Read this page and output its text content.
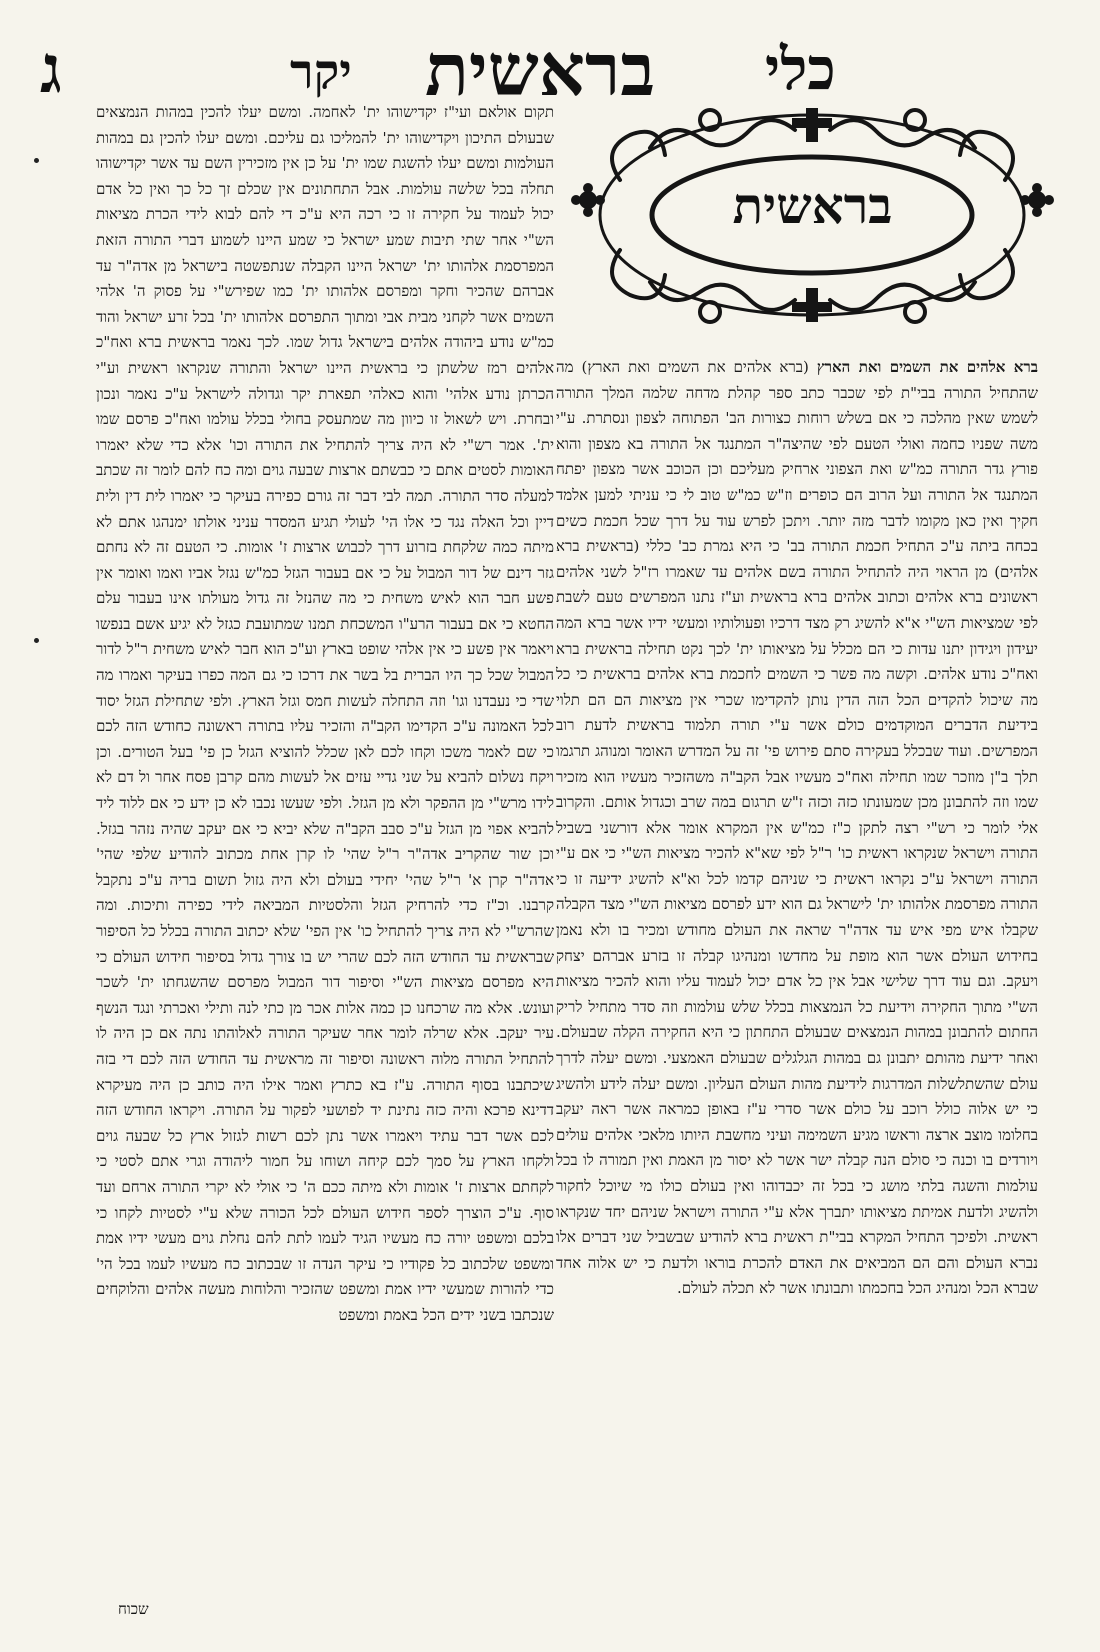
ג	יקר בראשית כלי
בראשית

תקום אולאם ועי"ז יקדישוהו ית' לאחמה. ומשם יעלו להכין במהות הנמצאים שבעולם התיכון ויקדישוהו ית' להמליכו גם עליכם. ומשם יעלו להכין גם במהות העולמות ומשם יעלו להשגת שמו ית' על כן אין מזכירין השם עד אשר יקדישוהו תחלה בכל שלשה עולמות. אבל התחתונים אין שכלם זך כל כך ואין כל אדם יכול לעמוד על חקירה זו כי רכה היא ע"כ די להם לבוא לידי הכרת מציאות הש"י אחר שתי תיבות שמע ישראל כי שמע היינו לשמוע דברי התורה הזאת המפרסמת אלהותו ית' ישראל היינו הקבלה שנתפשטה בישראל מן אדה"ר עד אברהם שהכיר וחקר ומפרסם אלהותו ית' כמו שפירש"י על פסוק ה' אלהי השמים אשר לקחני מבית אבי ומתוך התפרסם אלהותו ית' בכל זרע ישראל והוד כמ"ש נודע ביהודה אלהים בישראל גדול שמו. לכך נאמר בראשית ברא ואח"כ אלהים רמז שלשתן כי בראשית היינו ישראל והתורה שנקראו ראשית וע"י הכרתן נודע אלהי' והוא כאלהי תפארת יקר וגדולה לישראל ע"כ נאמר ונכון ובחרת. ויש לשאול זו כיוון מה שמתעסק בחולי בכלל עולמו ואח"כ פרסם שמו ית'. אמר רש"י לא היה צריך להתחיל את התורה וכו' אלא כדי שלא יאמרו האומות לסטים אתם כי כבשתם ארצות שבעה גוים ומה כח להם לומר זה שכתב למעלה סדר התורה. תמה לבי דבר זה גורם כפירה בעיקר כי יאמרו לית דין ולית דיין וכל האלה נגד כי אלו הי' לעולי תגיע המסדר עניני אולתו ימנהגו אתם לא מיתה כמה שלקחת בזרוע דרך לכבוש ארצות ז' אומות. כי הטעם זה לא נחתם גזר דינם של דור המבול על כי אם בעבור הגזל כמ"ש נגזל אביו ואמו ואומר אין פשע חבר הוא לאיש משחית כי מה שהנזל זה גדול מעולתו אינו בעבור עלם החטא כי אם בעבור הרע"ו המשכחת תמנו שמתועבת כגזל לא יגיע אשם בנפשו ויאמר אין פשע כי אין אלהי שופט בארץ וע"כ הוא חבר לאיש משחית ר"ל לדור המבול שכל כך היו הברית בל בשר את דרכו כי גם המה כפרו בעיקר ואמרו מה שדי כי נעבדנו וגו' וזה התחלה לעשות חמס וגזל הארץ. ולפי שתחילת הגזל יסוד לכל האמונה ע"כ הקדימו הקב"ה והזכיר עליו בתורה ראשונה כחודש הזה לכם כי שם לאמר משכו וקחו לכם לאן שכלל להוציא הגזל כן פי' בעל הטורים. וכן ויקח נשלום להביא על שני גדיי עזים אל לעשות מהם קרבן פסח אחר ול דם לא לידו מרש"י מן ההפקר ולא מן הגזל. ולפי שעשו נכבו לא כן ידע כי אם ללוד ליד להביא אפוי מן הגזל ע"כ סבב הקב"ה שלא יביא כי אם יעקב שהיה נזהר בגזל. וכן שור שהקריב אדה"ר ר"ל שהי' לו קרן אחת מכתוב להודיע שלפי שהי' אדה"ר קרן א' ר"ל שהי' יחידי בעולם ולא היה גזול תשום בריה ע"כ נתקבל קרבנו. וכ"ז כדי להרחיק הגזל והלסטיות המביאה לידי כפירה ותיכות. ומה שהרש"י לא היה צריך להתחיל כו' אין הפי' שלא יכתוב התורה בכלל כל הסיפור שבראשית עד החודש הזה לכם שהרי יש בו צורך גדול בסיפור חידוש העולם כי היא מפרסם מציאות הש"י וסיפור דור המבול מפרסם שהשגחתו ית' לשכר ועונש. אלא מה שרכחנו כן כמה אלות אכר מן כתי לנה ותילי ואכרתי ונגד הנשף עיר יעקב. אלא שרלה לומר אחר שעיקר התורה לאלוהתו נתה אם כן היה לו להתחיל התורה מלוה ראשונה וסיפור זה מראשית עד החודש הזה לכם די בזה שיכתבנו בסוף התורה. ע"ז בא כתרץ ואמר אילו היה כותב כן היה מעיקרא דדינא פרכא והיה כזה נתינת יד לפושעי לפקור על התורה. ויקראו החודש הזה לכם אשר דבר עתיד ויאמרו אשר נתן לכם רשות לגזול ארץ כל שבעה גוים ולקחו הארץ על סמך לכם קיחה ושוחו על חמור ליהודה וגרי אתם לסטי כי לקחתם ארצות ז' אומות ולא מיתה ככם ה' כי אולי לא יקרי התורה ארחם ועד סוף. ע"כ הוצרך לספר חידוש העולם לכל הכורה שלא ע"י לסטיות לקחו כי בלכם ומשפט יורה כח מעשיו הגיד לעמו לתת להם נחלת גוים מעשי ידיו אמת ומשפט שלכתוב כל פקודיו כי עיקר הנדה זו שבכתוב כח מעשיו לעמו בכל הי' כדי להורות שמעשי ידיו אמת ומשפט שהזכיר והלוחות מעשה אלהים והלוקחים שנכתבו בשני ידים הכל באמת ומשפט

ברא אלהים את השמים ואת הארץ (ברא אלהים את השמים ואת הארץ) מה שהתחיל התורה בבי"ת לפי שכבר כתב ספר קהלת מדחה שלמה המלך התורה לשמש שאין מהלכה כי אם בשלש רוחות כצורות הב' הפתוחה לצפון ונסתרת. ע"י משה שפניו כחמה ואולי הטעם לפי שהיצה"ר המתנגד אל התורה בא מצפון והוא פורץ גדר התורה כמ"ש ואת הצפוני ארחיק מעליכם וכן הכוכב אשר מצפון יפתח המתנגד אל התורה ועל הרוב הם כופרים וז"ש כמ"ש טוב לי כי עניתי למען אלמד חקיך ואין כאן מקומו לדבר מזה יותר. ויתכן לפרש עוד על דרך שכל חכמת כשים בכחה ביתה ע"כ התחיל חכמת התורה בב' כי היא גמרת כב' כללי (בראשית ברא אלהים) מן הראוי היה להתחיל התורה בשם אלהים עד שאמרו רז"ל לשני אלהים ראשונים ברא אלהים וכתוב אלהים ברא בראשית וע"ז נתנו המפרשים טעם לשבת לפי שמציאות הש"י א"א להשיג רק מצד דרכיו ופעולותיו ומעשי ידיו אשר ברא המה יעידון ויגידון יתנו עדות כי הם מכלל על מציאותו ית' לכך נקט תחילה בראשית ברא ואח"כ נודע אלהים. וקשה מה פשר כי השמים לחכמת ברא אלהים בראשית כי כל מה שיכול להקדים הכל הזה הדין נותן להקדימו שכרי אין מציאות הם הם תלוי בידיעת הדברים המוקדמים כולם אשר ע"י תורה תלמוד בראשית לדעת רוב המפרשים. ועוד שבכלל בעקירה סתם פירוש פי' זה על המדרש האומר ומנוהג תרגמו תלך ב"ן מוזכר שמו תחילה ואח"כ מעשיו אבל הקב"ה משהזכיר מעשיו הוא מזכיר שמו וזה להתבונן מכן שמעונתו כזה וכזה ז"ש תרגום במה שרב וכגדול אותם. והקרוב אלי לומר כי רש"י רצה לתקן כ"ז כמ"ש אין המקרא אומר אלא דורשני בשביל התורה וישראל שנקראו ראשית כו' ר"ל לפי שא"א להכיר מציאות הש"י כי אם ע"י התורה וישראל ע"כ נקראו ראשית כי שניהם קדמו לכל וא"א להשיג ידיעה זו כי התורה מפרסמת אלהותו ית' לישראל גם הוא ידע לפרסם מציאות הש"י מצד הקבלה שקבלו איש מפי איש עד אדה"ר שראה את העולם מחודש ומכיר בו ולא נאמן בחידוש העולם אשר הוא מופת על מחדשו ומנהיגו קבלה זו בזרע אברהם יצחק ויעקב. וגם עוד דרך שלישי אבל אין כל אדם יכול לעמוד עליו והוא להכיר מציאות הש"י מתוך החקירה וידיעת כל הנמצאות בכלל שלש עולמות וזה סדר מתחיל לריק החתום להתבונן במהות הנמצאים שבעולם התחתון כי היא החקירה הקלה שבעולם. ואחר ידיעת מהותם יתבונן גם במהות הגלגלים שבעולם האמצעי. ומשם יעלה לדרך עולם שהשתלשלות המדרגות לידיעת מהות העולם העליון. ומשם יעלה לידע ולהשיג כי יש אלוה כולל רוכב על כולם אשר סדרי ע"ז באופן כמראה אשר ראה יעקב בחלומו מוצב ארצה וראשו מגיע השמימה ועיני מחשבת היותו מלאכי אלהים עולים ויורדים בו וכנה כי סולם הנה קבלה ישר אשר לא יסור מן האמת ואין תמורה לו בכל עולמות והשגה בלתי מושג כי בכל זה יכבדוהו ואין בעולם כולו מי שיוכל לחקור ולהשיג ולדעת אמיתת מציאותו יתברך אלא ע"י התורה וישראל שניהם יחד שנקראו ראשית. ולפיכך התחיל המקרא בבי"ת ראשית ברא להודיע שבשביל שני דברים אלו נברא העולם והם הם המביאים את האדם להכרת בוראו ולדעת כי יש אלוה אחד שברא הכל ומנהיג הכל בחכמתו ותבונתו אשר לא תכלה לעולם.
שכוח
